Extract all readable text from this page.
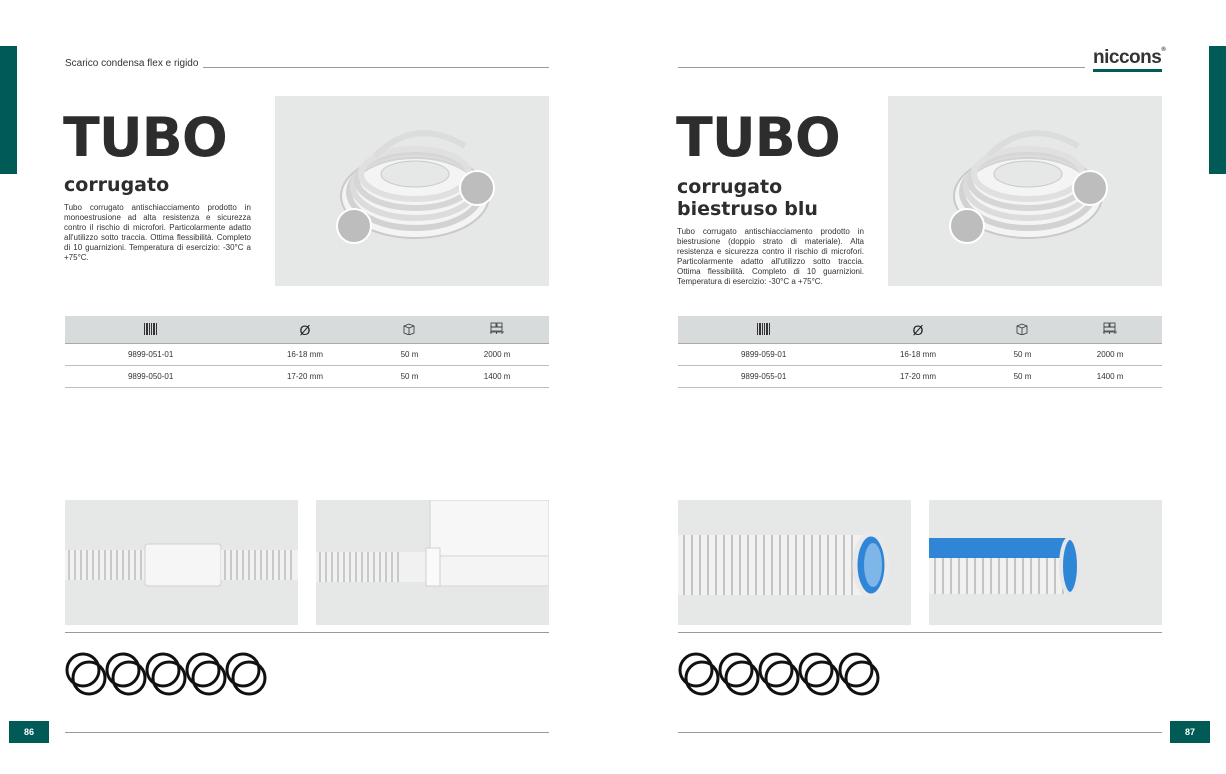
Scarico condensa flex e rigido
TUBO
corrugato
Tubo corrugato antischiacciamento prodotto in monoestrusione ad alta resistenza e sicurezza contro il rischio di microfori. Particolarmente adatto all'utilizzo sotto traccia. Ottima flessibilità. Completo di 10 guarnizioni. Temperatura di esercizio: -30°C a +75°C.
	Ø		
9899-051-01	16-18 mm	50 m	2000 m
9899-050-01	17-20 mm	50 m	1400 m
86
niccons®
TUBO
corrugato biestruso blu
Tubo corrugato antischiacciamento prodotto in biestrusione (doppio strato di materiale). Alta resistenza e sicurezza contro il rischio di microfori. Particolarmente adatto all'utilizzo sotto traccia. Ottima flessibilità. Completo di 10 guarnizioni. Temperatura di esercizio: -30°C a +75°C.
	Ø		
9899-059-01	16-18 mm	50 m	2000 m
9899-055-01	17-20 mm	50 m	1400 m
87
